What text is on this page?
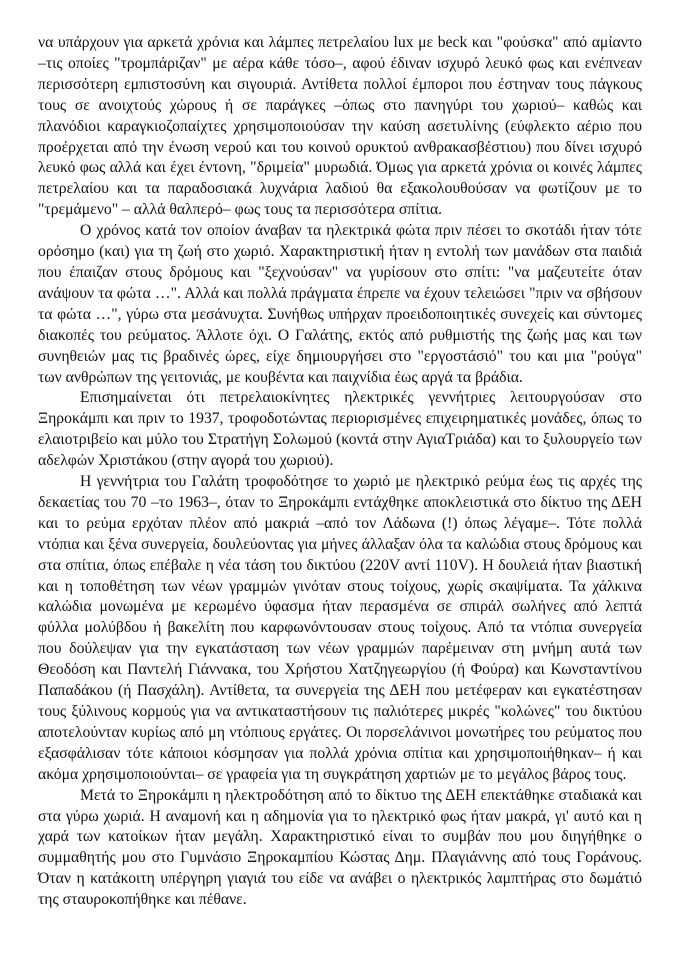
να υπάρχουν για αρκετά χρόνια και λάμπες πετρελαίου lux με beck και "φούσκα" από αμίαντο –τις οποίες "τρομπάριζαν" με αέρα κάθε τόσο–, αφού έδιναν ισχυρό λευκό φως και ενέπνεαν περισσότερη εμπιστοσύνη και σιγουριά. Αντίθετα πολλοί έμποροι που έστηναν τους πάγκους τους σε ανοιχτούς χώρους ή σε παράγκες –όπως στο πανηγύρι του χωριού– καθώς και πλανόδιοι καραγκιοζοπαίχτες χρησιμοποιούσαν την καύση ασετυλίνης (εύφλεκτο αέριο που προέρχεται από την ένωση νερού και του κοινού ορυκτού ανθρακασβέστιου) που δίνει ισχυρό λευκό φως αλλά και έχει έντονη, "δριμεία" μυρωδιά. Όμως για αρκετά χρόνια οι κοινές λάμπες πετρελαίου και τα παραδοσιακά λυχνάρια λαδιού θα εξακολουθούσαν να φωτίζουν με το "τρεμάμενο" – αλλά θαλπερό– φως τους τα περισσότερα σπίτια.

Ο χρόνος κατά τον οποίον άναβαν τα ηλεκτρικά φώτα πριν πέσει το σκοτάδι ήταν τότε ορόσημο (και) για τη ζωή στο χωριό. Χαρακτηριστική ήταν η εντολή των μανάδων στα παιδιά που έπαιζαν στους δρόμους και "ξεχνούσαν" να γυρίσουν στο σπίτι: "να μαζευτείτε όταν ανάψουν τα φώτα …". Αλλά και πολλά πράγματα έπρεπε να έχουν τελειώσει "πριν να σβήσουν τα φώτα …", γύρω στα μεσάνυχτα. Συνήθως υπήρχαν προειδοποιητικές συνεχείς και σύντομες διακοπές του ρεύματος. Άλλοτε όχι. Ο Γαλάτης, εκτός από ρυθμιστής της ζωής μας και των συνηθειών μας τις βραδινές ώρες, είχε δημιουργήσει στο "εργοστάσιό" του και μια "ρούγα" των ανθρώπων της γειτονιάς, με κουβέντα και παιχνίδια έως αργά τα βράδια.

Επισημαίνεται ότι πετρελαιοκίνητες ηλεκτρικές γεννήτριες λειτουργούσαν στο Ξηροκάμπι και πριν το 1937, τροφοδοτώντας περιορισμένες επιχειρηματικές μονάδες, όπως το ελαιοτριβείο και μύλο του Στρατήγη Σολωμού (κοντά στην ΑγιαΤριάδα) και το ξυλουργείο των αδελφών Χριστάκου (στην αγορά του χωριού).

Η γεννήτρια του Γαλάτη τροφοδότησε το χωριό με ηλεκτρικό ρεύμα έως τις αρχές της δεκαετίας του 70 –το 1963–, όταν το Ξηροκάμπι εντάχθηκε αποκλειστικά στο δίκτυο της ΔΕΗ και το ρεύμα ερχόταν πλέον από μακριά –από τον Λάδωνα (!) όπως λέγαμε–. Τότε πολλά ντόπια και ξένα συνεργεία, δουλεύοντας για μήνες άλλαξαν όλα τα καλώδια στους δρόμους και στα σπίτια, όπως επέβαλε η νέα τάση του δικτύου (220V αντί 110V). Η δουλειά ήταν βιαστική και η τοποθέτηση των νέων γραμμών γινόταν στους τοίχους, χωρίς σκαψίματα. Τα χάλκινα καλώδια μονωμένα με κερωμένο ύφασμα ήταν περασμένα σε σπιράλ σωλήνες από λεπτά φύλλα μολύβδου ή βακελίτη που καρφωνόντουσαν στους τοίχους. Από τα ντόπια συνεργεία που δούλεψαν για την εγκατάσταση των νέων γραμμών παρέμειναν στη μνήμη αυτά των Θεοδόση και Παντελή Γιάννακα, του Χρήστου Χατζηγεωργίου (ή Φούρα) και Κωνσταντίνου Παπαδάκου (ή Πασχάλη). Αντίθετα, τα συνεργεία της ΔΕΗ που μετέφεραν και εγκατέστησαν τους ξύλινους κορμούς για να αντικαταστήσουν τις παλιότερες μικρές "κολώνες" του δικτύου αποτελούνταν κυρίως από μη ντόπιους εργάτες. Οι πορσελάνινοι μονωτήρες του ρεύματος που εξασφάλισαν τότε κάποιοι κόσμησαν για πολλά χρόνια σπίτια και χρησιμοποιήθηκαν– ή και ακόμα χρησιμοποιούνται– σε γραφεία για τη συγκράτηση χαρτιών με το μεγάλος βάρος τους.

Μετά το Ξηροκάμπι η ηλεκτροδότηση από το δίκτυο της ΔΕΗ επεκτάθηκε σταδιακά και στα γύρω χωριά. Η αναμονή και η αδημονία για το ηλεκτρικό φως ήταν μακρά, γι' αυτό και η χαρά των κατοίκων ήταν μεγάλη. Χαρακτηριστικό είναι το συμβάν που μου διηγήθηκε ο συμμαθητής μου στο Γυμνάσιο Ξηροκαμπίου Κώστας Δημ. Πλαγιάννης από τους Γοράνους. Όταν η κατάκοιτη υπέργηρη γιαγιά του είδε να ανάβει ο ηλεκτρικός λαμπτήρας στο δωμάτιό της σταυροκοπήθηκε και πέθανε.
